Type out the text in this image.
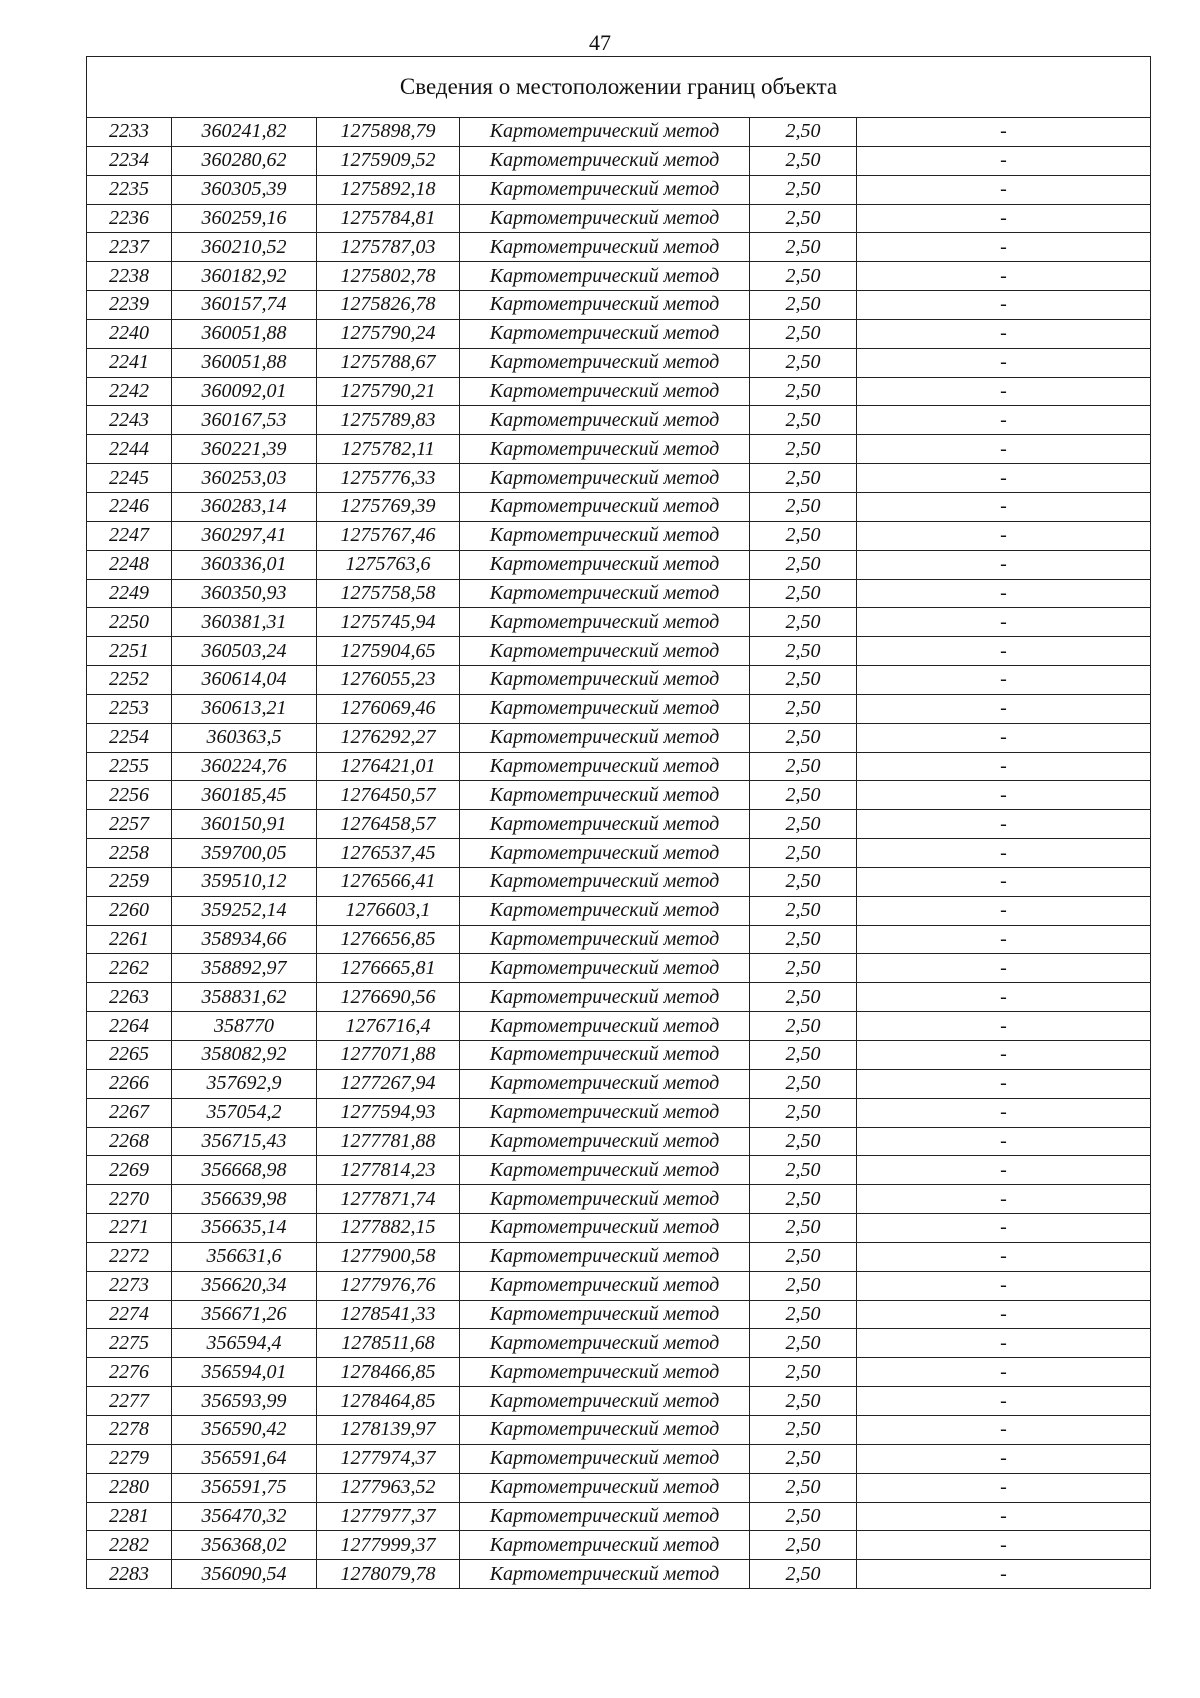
47
Сведения о местоположении границ объекта					
2233	360241,82	1275898,79	Картометрический метод	2,50	-
2234	360280,62	1275909,52	Картометрический метод	2,50	-
2235	360305,39	1275892,18	Картометрический метод	2,50	-
2236	360259,16	1275784,81	Картометрический метод	2,50	-
2237	360210,52	1275787,03	Картометрический метод	2,50	-
2238	360182,92	1275802,78	Картометрический метод	2,50	-
2239	360157,74	1275826,78	Картометрический метод	2,50	-
2240	360051,88	1275790,24	Картометрический метод	2,50	-
2241	360051,88	1275788,67	Картометрический метод	2,50	-
2242	360092,01	1275790,21	Картометрический метод	2,50	-
2243	360167,53	1275789,83	Картометрический метод	2,50	-
2244	360221,39	1275782,11	Картометрический метод	2,50	-
2245	360253,03	1275776,33	Картометрический метод	2,50	-
2246	360283,14	1275769,39	Картометрический метод	2,50	-
2247	360297,41	1275767,46	Картометрический метод	2,50	-
2248	360336,01	1275763,6	Картометрический метод	2,50	-
2249	360350,93	1275758,58	Картометрический метод	2,50	-
2250	360381,31	1275745,94	Картометрический метод	2,50	-
2251	360503,24	1275904,65	Картометрический метод	2,50	-
2252	360614,04	1276055,23	Картометрический метод	2,50	-
2253	360613,21	1276069,46	Картометрический метод	2,50	-
2254	360363,5	1276292,27	Картометрический метод	2,50	-
2255	360224,76	1276421,01	Картометрический метод	2,50	-
2256	360185,45	1276450,57	Картометрический метод	2,50	-
2257	360150,91	1276458,57	Картометрический метод	2,50	-
2258	359700,05	1276537,45	Картометрический метод	2,50	-
2259	359510,12	1276566,41	Картометрический метод	2,50	-
2260	359252,14	1276603,1	Картометрический метод	2,50	-
2261	358934,66	1276656,85	Картометрический метод	2,50	-
2262	358892,97	1276665,81	Картометрический метод	2,50	-
2263	358831,62	1276690,56	Картометрический метод	2,50	-
2264	358770	1276716,4	Картометрический метод	2,50	-
2265	358082,92	1277071,88	Картометрический метод	2,50	-
2266	357692,9	1277267,94	Картометрический метод	2,50	-
2267	357054,2	1277594,93	Картометрический метод	2,50	-
2268	356715,43	1277781,88	Картометрический метод	2,50	-
2269	356668,98	1277814,23	Картометрический метод	2,50	-
2270	356639,98	1277871,74	Картометрический метод	2,50	-
2271	356635,14	1277882,15	Картометрический метод	2,50	-
2272	356631,6	1277900,58	Картометрический метод	2,50	-
2273	356620,34	1277976,76	Картометрический метод	2,50	-
2274	356671,26	1278541,33	Картометрический метод	2,50	-
2275	356594,4	1278511,68	Картометрический метод	2,50	-
2276	356594,01	1278466,85	Картометрический метод	2,50	-
2277	356593,99	1278464,85	Картометрический метод	2,50	-
2278	356590,42	1278139,97	Картометрический метод	2,50	-
2279	356591,64	1277974,37	Картометрический метод	2,50	-
2280	356591,75	1277963,52	Картометрический метод	2,50	-
2281	356470,32	1277977,37	Картометрический метод	2,50	-
2282	356368,02	1277999,37	Картометрический метод	2,50	-
2283	356090,54	1278079,78	Картометрический метод	2,50	-
